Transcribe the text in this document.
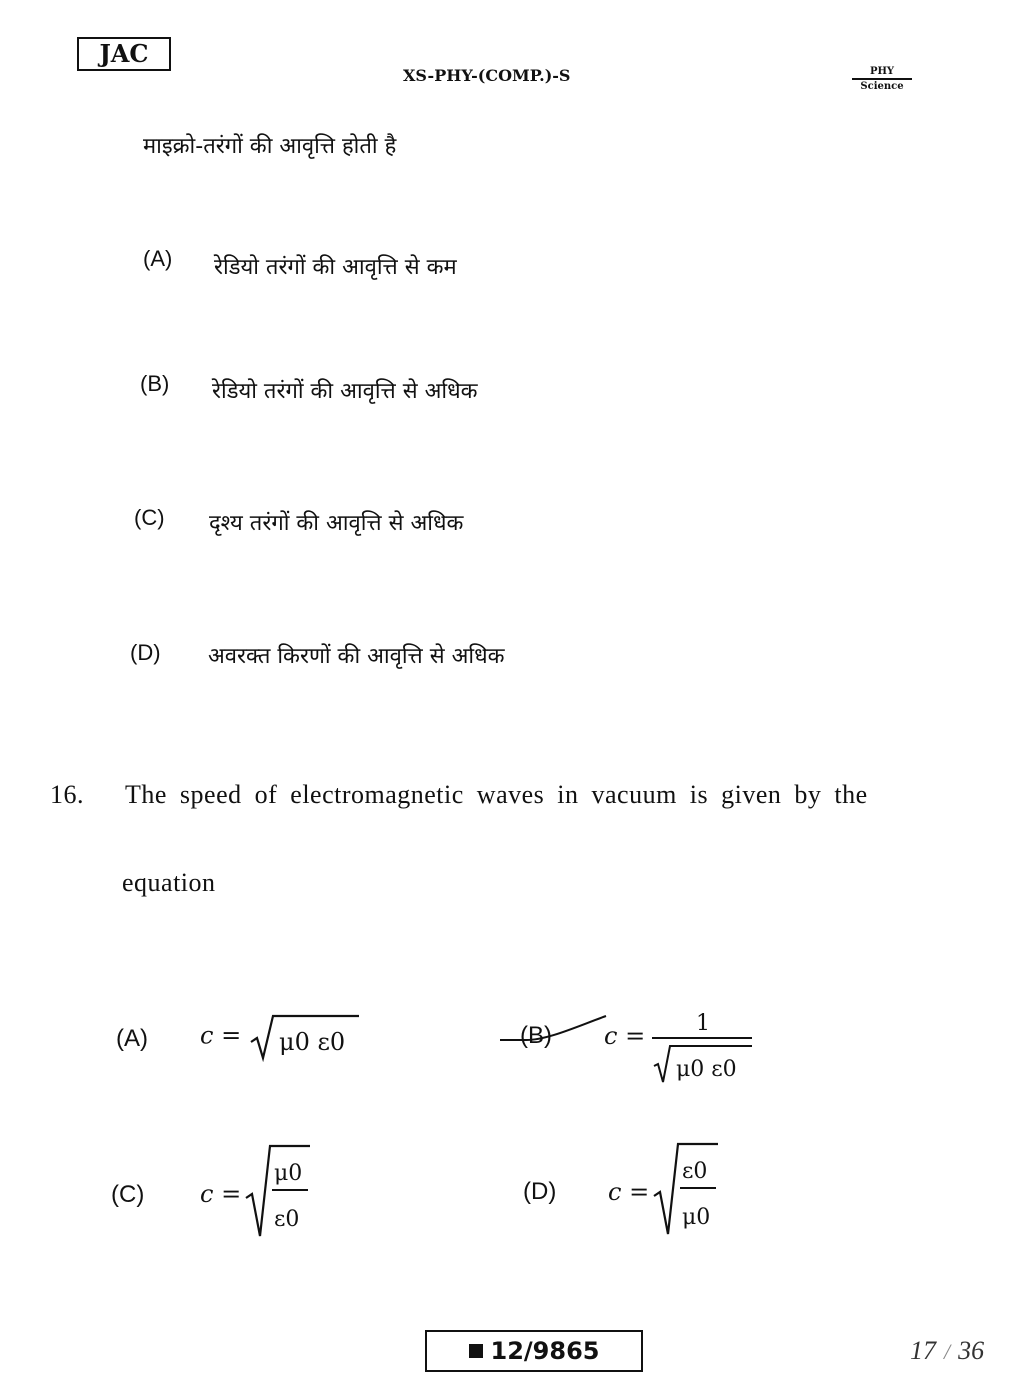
JAC
XS-PHY-(COMP.)-S	PHY
Science
माइक्रो-तरंगों की आवृत्ति होती है
(A) रेडियो तरंगों की आवृत्ति से कम
(B) रेडियो तरंगों की आवृत्ति से अधिक
(C) दृश्य तरंगों की आवृत्ति से अधिक
(D) अवरक्त किरणों की आवृत्ति से अधिक
16. The speed of electromagnetic waves in vacuum is given by the
equation
(A) c = μ0 ε0	(B) c = 1
μ0 ε0
(C) c =
μ0
ε0
(D) c =
ε0
μ0
12/9865	17 / 36
